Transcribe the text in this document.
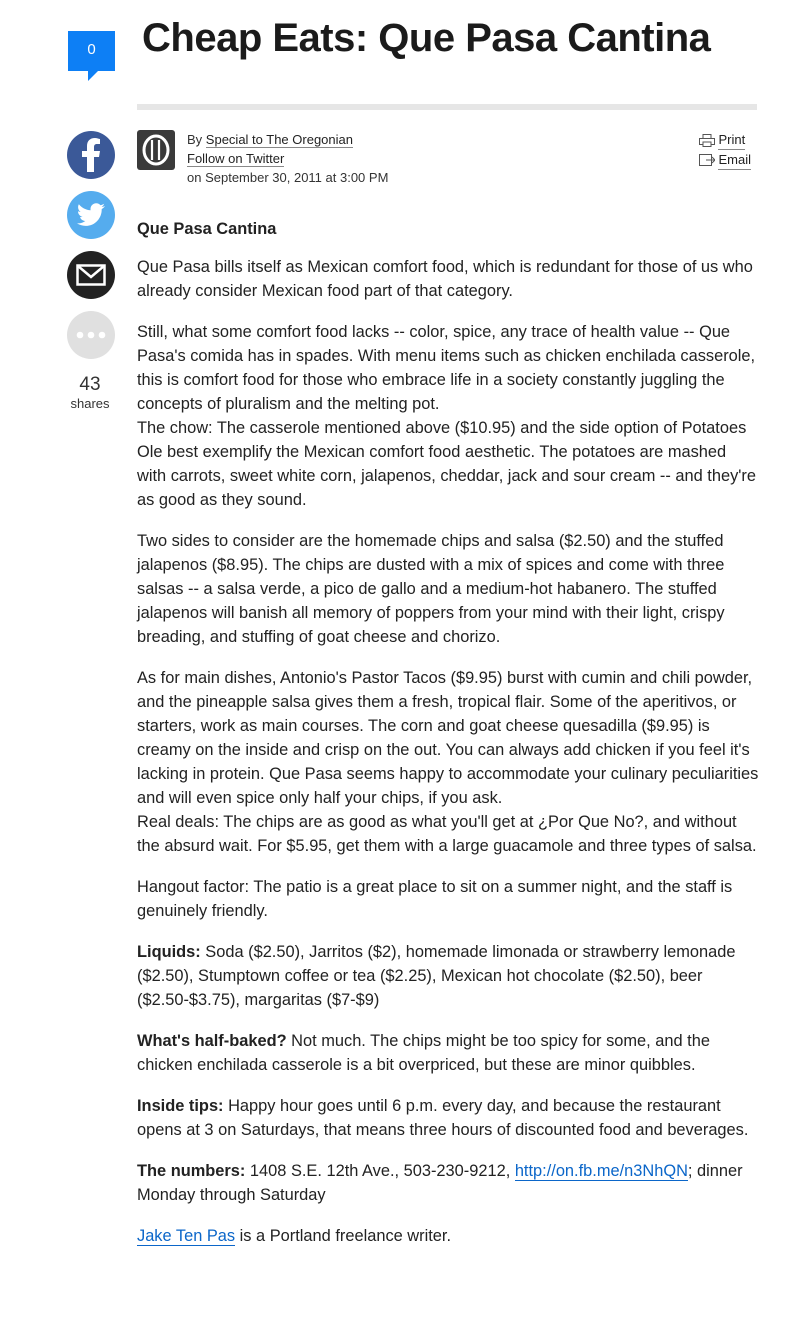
0	Cheap Eats: Que Pasa Cantina
43
shares
By Special to The Oregonian
Follow on Twitter
on September 30, 2011 at 3:00 PM
Print
Email

Que Pasa Cantina

Que Pasa bills itself as Mexican comfort food, which is redundant for those of us who already consider Mexican food part of that category.

Still, what some comfort food lacks -- color, spice, any trace of health value -- Que Pasa's comida has in spades. With menu items such as chicken enchilada casserole, this is comfort food for those who embrace life in a society constantly juggling the concepts of pluralism and the melting pot.
The chow: The casserole mentioned above ($10.95) and the side option of Potatoes Ole best exemplify the Mexican comfort food aesthetic. The potatoes are mashed with carrots, sweet white corn, jalapenos, cheddar, jack and sour cream -- and they're as good as they sound.

Two sides to consider are the homemade chips and salsa ($2.50) and the stuffed jalapenos ($8.95). The chips are dusted with a mix of spices and come with three salsas -- a salsa verde, a pico de gallo and a medium-hot habanero. The stuffed jalapenos will banish all memory of poppers from your mind with their light, crispy breading, and stuffing of goat cheese and chorizo.

As for main dishes, Antonio's Pastor Tacos ($9.95) burst with cumin and chili powder, and the pineapple salsa gives them a fresh, tropical flair. Some of the aperitivos, or starters, work as main courses. The corn and goat cheese quesadilla ($9.95) is creamy on the inside and crisp on the out. You can always add chicken if you feel it's lacking in protein. Que Pasa seems happy to accommodate your culinary peculiarities and will even spice only half your chips, if you ask.
Real deals: The chips are as good as what you'll get at ¿Por Que No?, and without the absurd wait. For $5.95, get them with a large guacamole and three types of salsa.

Hangout factor: The patio is a great place to sit on a summer night, and the staff is genuinely friendly.

Liquids: Soda ($2.50), Jarritos ($2), homemade limonada or strawberry lemonade ($2.50), Stumptown coffee or tea ($2.25), Mexican hot chocolate ($2.50), beer ($2.50-$3.75), margaritas ($7-$9)

What's half-baked? Not much. The chips might be too spicy for some, and the chicken enchilada casserole is a bit overpriced, but these are minor quibbles.

Inside tips: Happy hour goes until 6 p.m. every day, and because the restaurant opens at 3 on Saturdays, that means three hours of discounted food and beverages.

The numbers: 1408 S.E. 12th Ave., 503-230-9212, http://on.fb.me/n3NhQN; dinner Monday through Saturday

Jake Ten Pas is a Portland freelance writer.
